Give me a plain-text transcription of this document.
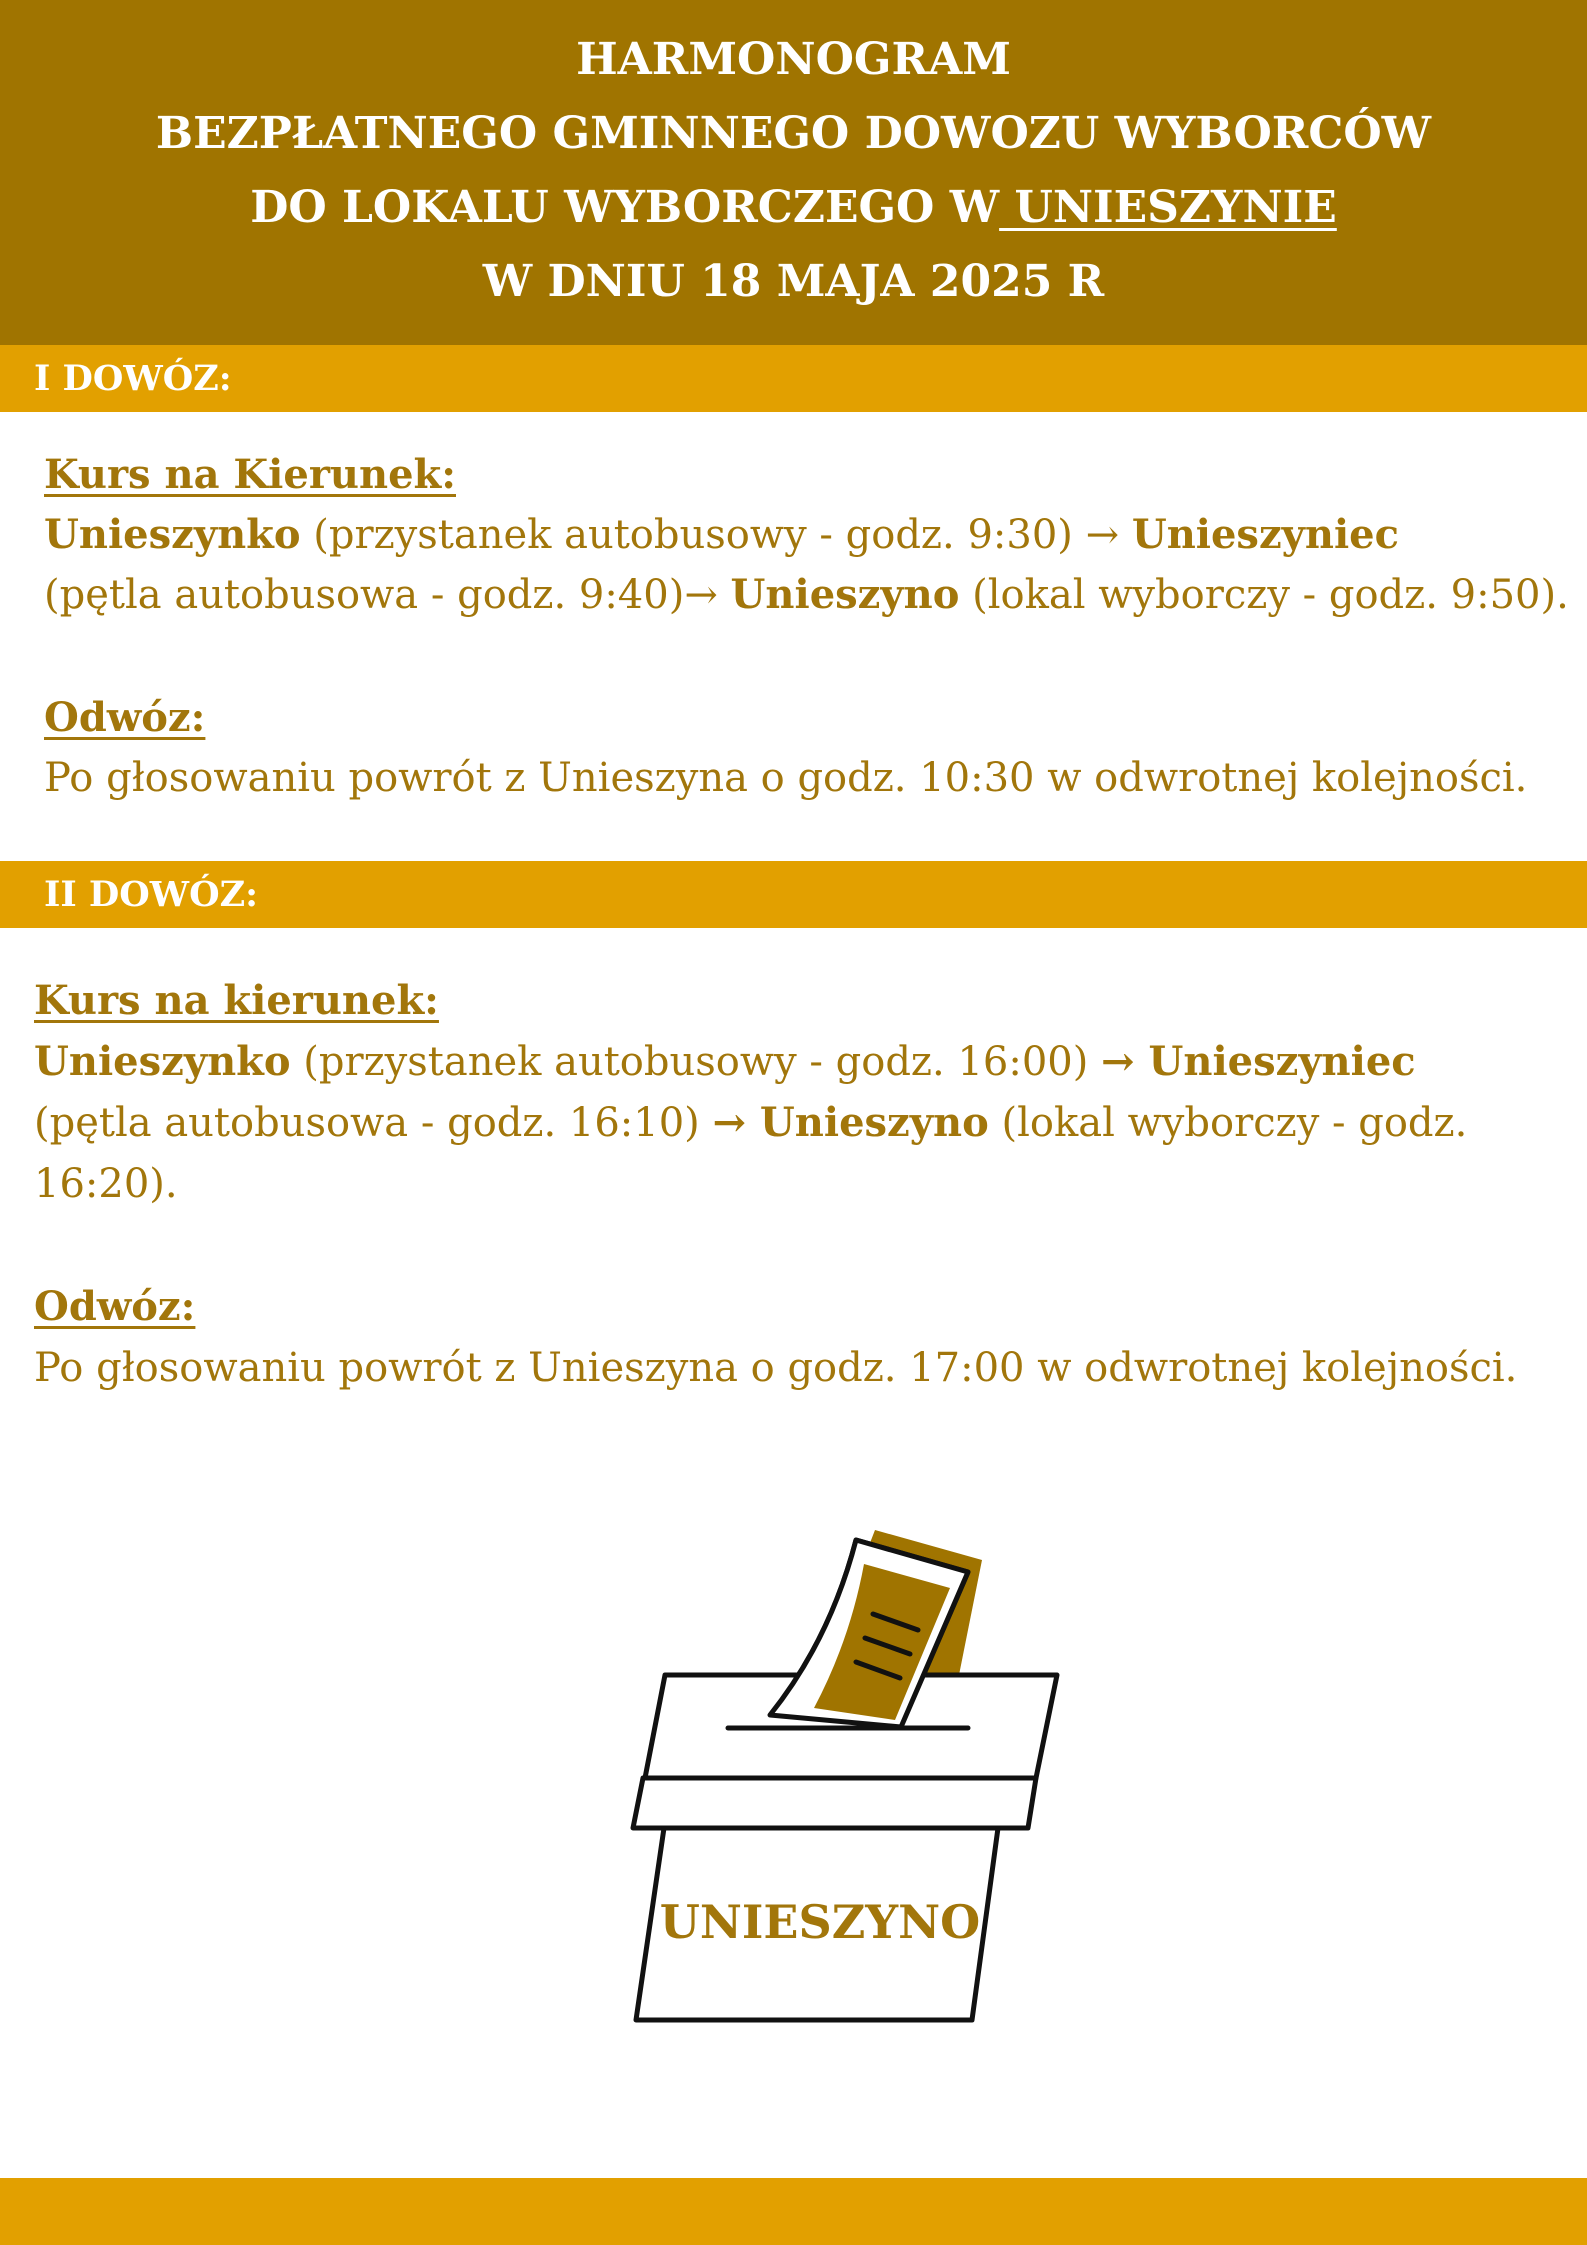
HARMONOGRAM
BEZPŁATNEGO GMINNEGO DOWOZU WYBORCÓW
DO LOKALU WYBORCZEGO W UNIESZYNIE
W DNIU 18 MAJA 2025 R
I DOWÓZ:
Kurs na Kierunek:
Unieszynko (przystanek autobusowy - godz. 9:30) → Unieszyniec
(pętla autobusowa - godz. 9:40)→ Unieszyno (lokal wyborczy - godz. 9:50).
Odwóz:
Po głosowaniu powrót z Unieszyna o godz. 10:30 w odwrotnej kolejności.
II DOWÓZ:
Kurs na kierunek:
Unieszynko (przystanek autobusowy - godz. 16:00) → Unieszyniec
(pętla autobusowa - godz. 16:10) → Unieszyno (lokal wyborczy - godz.
16:20).
Odwóz:
Po głosowaniu powrót z Unieszyna o godz. 17:00 w odwrotnej kolejności.
UNIESZYNO
